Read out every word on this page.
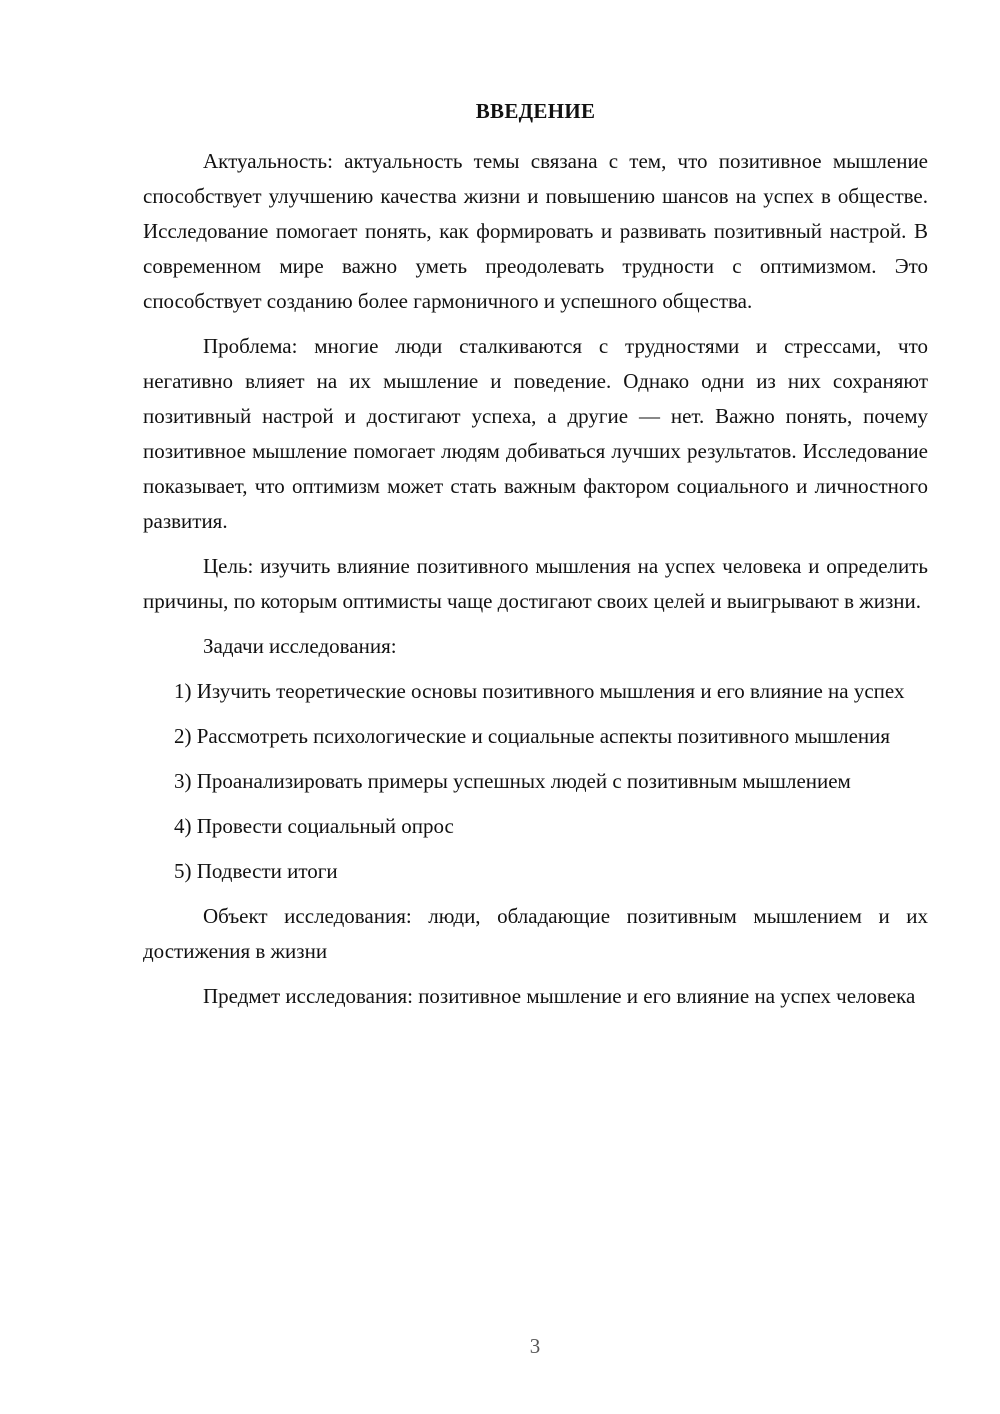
ВВЕДЕНИЕ

Актуальность: актуальность темы связана с тем, что позитивное мышление способствует улучшению качества жизни и повышению шансов на успех в обществе. Исследование помогает понять, как формировать и развивать позитивный настрой. В современном мире важно уметь преодолевать трудности с оптимизмом. Это способствует созданию более гармоничного и успешного общества.

Проблема: многие люди сталкиваются с трудностями и стрессами, что негативно влияет на их мышление и поведение. Однако одни из них сохраняют позитивный настрой и достигают успеха, а другие — нет. Важно понять, почему позитивное мышление помогает людям добиваться лучших результатов. Исследование показывает, что оптимизм может стать важным фактором социального и личностного развития.

Цель: изучить влияние позитивного мышления на успех человека и определить причины, по которым оптимисты чаще достигают своих целей и выигрывают в жизни.

Задачи исследования:

1) Изучить теоретические основы позитивного мышления и его влияние на успех

2) Рассмотреть психологические и социальные аспекты позитивного мышления

3) Проанализировать примеры успешных людей с позитивным мышлением

4) Провести социальный опрос

5) Подвести итоги

Объект исследования: люди, обладающие позитивным мышлением и их достижения в жизни

Предмет исследования: позитивное мышление и его влияние на успех человека

3
